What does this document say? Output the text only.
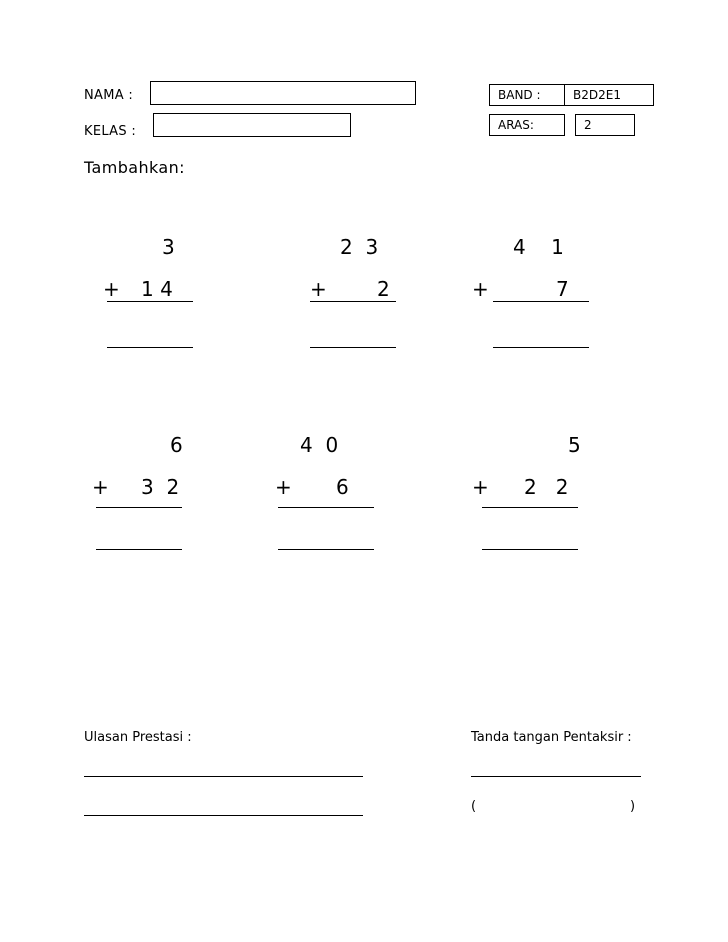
NAMA :	BAND :	B2D2E1
KELAS :	ARAS:	2
Tambahkan:
3
+ 1 4
2  3
+	2
4    1
+	7
6
+ 3  2
4  0
+ 6
5
+ 2   2
Ulasan Prestasi :	Tanda tangan Pentaksir :
(	)
